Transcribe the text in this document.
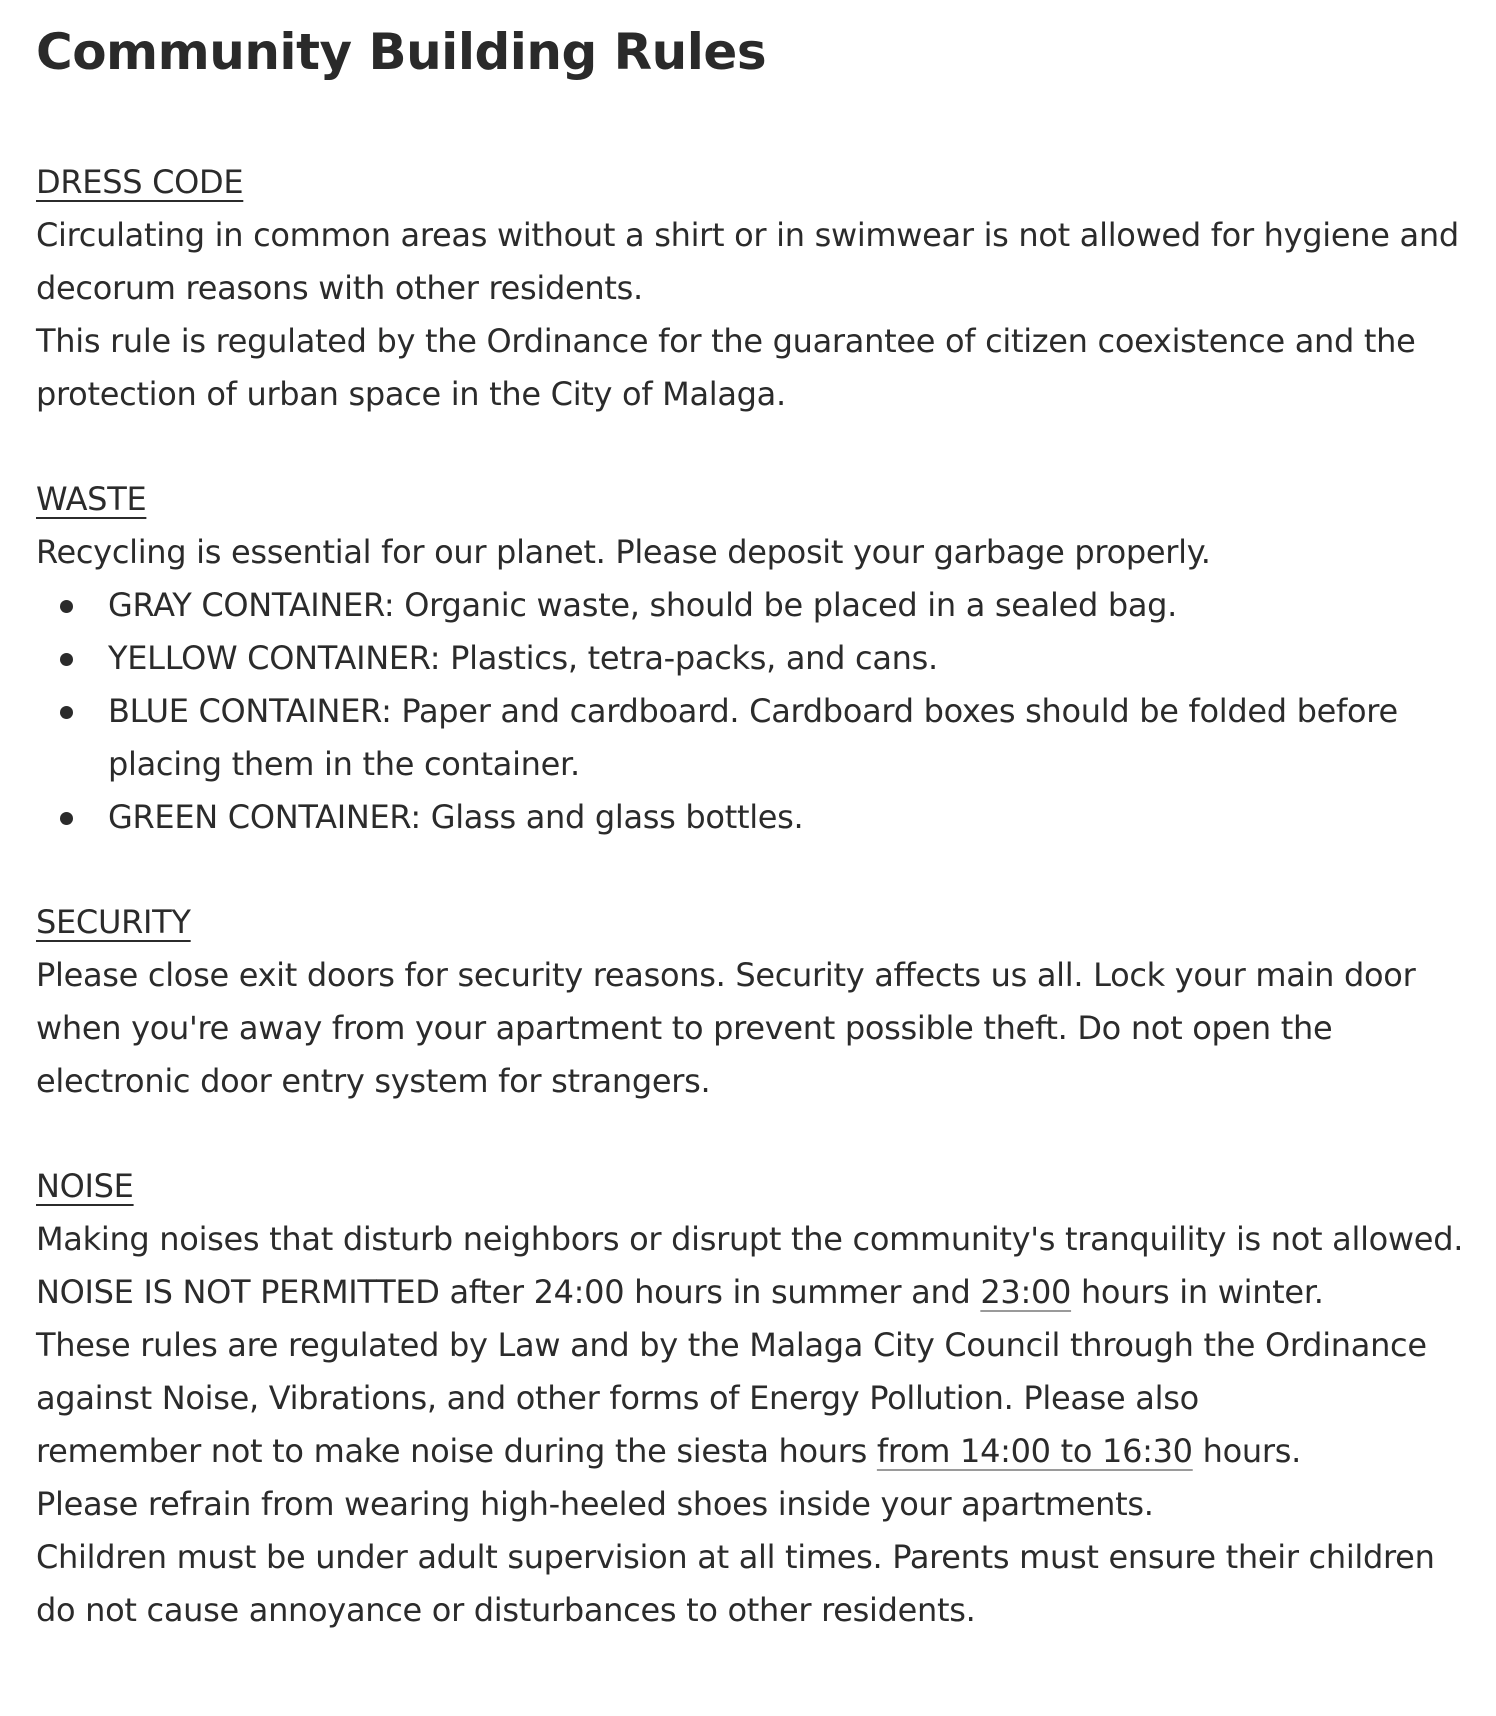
Community Building Rules
DRESS CODE

Circulating in common areas without a shirt or in swimwear is not allowed for hygiene and decorum reasons with other residents.

This rule is regulated by the Ordinance for the guarantee of citizen coexistence and the protection of urban space in the City of Malaga.

WASTE

Recycling is essential for our planet. Please deposit your garbage properly.

GRAY CONTAINER: Organic waste, should be placed in a sealed bag.
YELLOW CONTAINER: Plastics, tetra-packs, and cans.
BLUE CONTAINER: Paper and cardboard. Cardboard boxes should be folded before placing them in the container.
GREEN CONTAINER: Glass and glass bottles.
SECURITY

Please close exit doors for security reasons. Security affects us all. Lock your main door when you're away from your apartment to prevent possible theft. Do not open the electronic door entry system for strangers.

NOISE

Making noises that disturb neighbors or disrupt the community's tranquility is not allowed.

NOISE IS NOT PERMITTED after 24:00 hours in summer and 23:00 hours in winter.

These rules are regulated by Law and by the Malaga City Council through the Ordinance against Noise, Vibrations, and other forms of Energy Pollution. Please also

remember not to make noise during the siesta hours from 14:00 to 16:30 hours.

Please refrain from wearing high-heeled shoes inside your apartments.

Children must be under adult supervision at all times. Parents must ensure their children do not cause annoyance or disturbances to other residents.
